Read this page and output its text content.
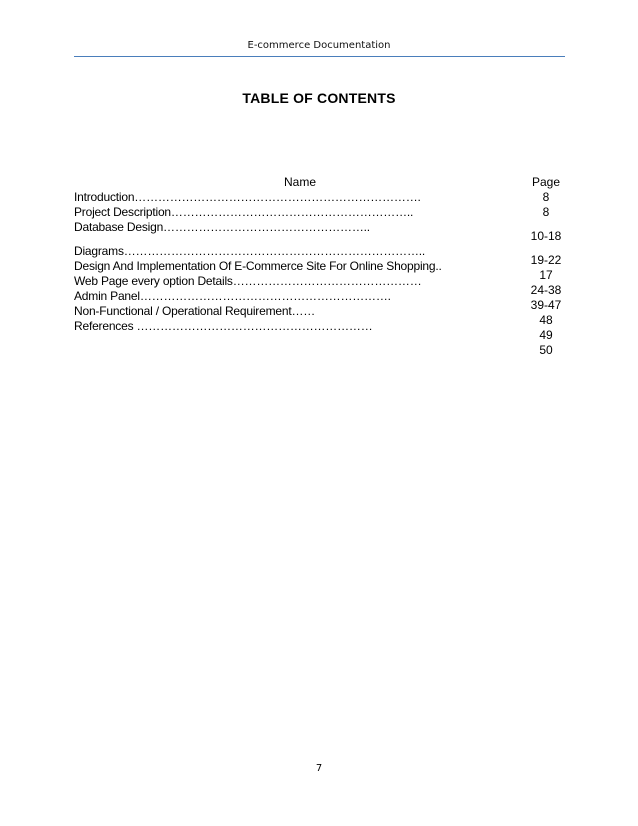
E-commerce Documentation
TABLE OF CONTENTS
Name
Introduction……………………………………………………………….
Project Description……………………………………………………..
Database Design……………………………………………..
Diagrams…………………………………………………………………..
Design And Implementation Of E-Commerce Site For Online Shopping..
Web Page every option Details…………………………………………
Admin Panel……………………………………………………….
Non-Functional / Operational Requirement……
References ……………………………………………………
Page
8
8
10-18
19-22
17
24-38
39-47
48
49
50
7
